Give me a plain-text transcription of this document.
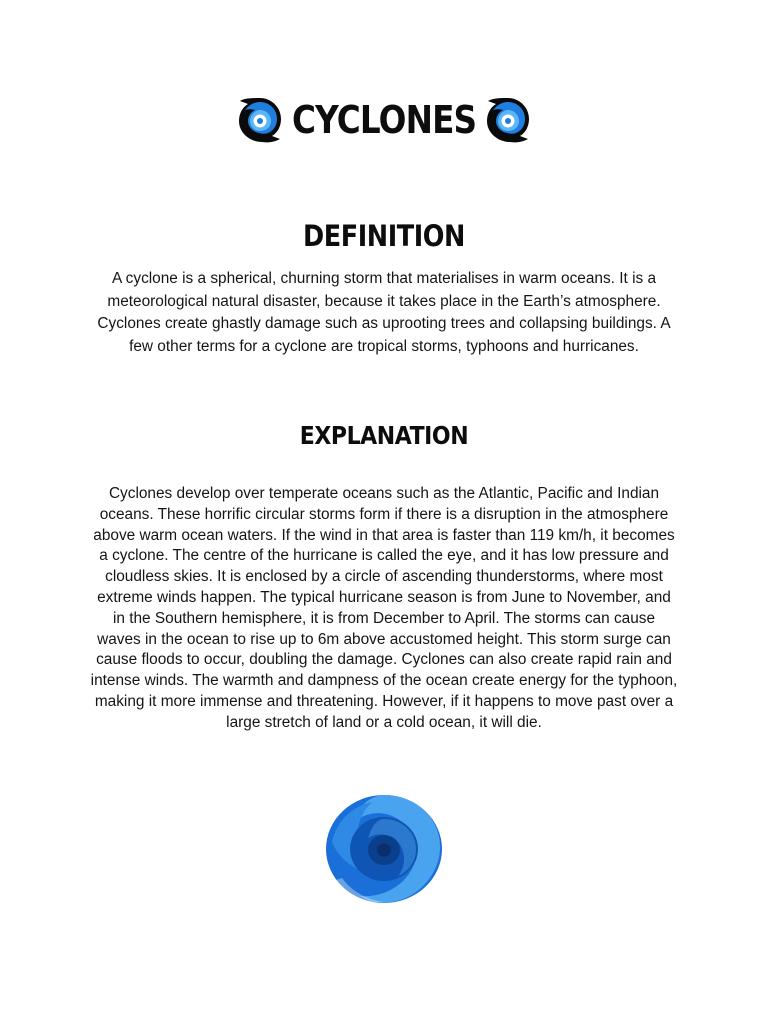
CYCLONES
DEFINITION

A cyclone is a spherical, churning storm that materialises in warm oceans. It is a meteorological natural disaster, because it takes place in the Earth’s atmosphere. Cyclones create ghastly damage such as uprooting trees and collapsing buildings. A few other terms for a cyclone are tropical storms, typhoons and hurricanes.

EXPLANATION

Cyclones develop over temperate oceans such as the Atlantic, Pacific and Indian oceans. These horrific circular storms form if there is a disruption in the atmosphere above warm ocean waters. If the wind in that area is faster than 119 km/h, it becomes a cyclone. The centre of the hurricane is called the eye, and it has low pressure and cloudless skies. It is enclosed by a circle of ascending thunderstorms, where most extreme winds happen. The typical hurricane season is from June to November, and in the Southern hemisphere, it is from December to April. The storms can cause waves in the ocean to rise up to 6m above accustomed height. This storm surge can cause floods to occur, doubling the damage. Cyclones can also create rapid rain and intense winds. The warmth and dampness of the ocean create energy for the typhoon, making it more immense and threatening. However, if it happens to move past over a large stretch of land or a cold ocean, it will die.
